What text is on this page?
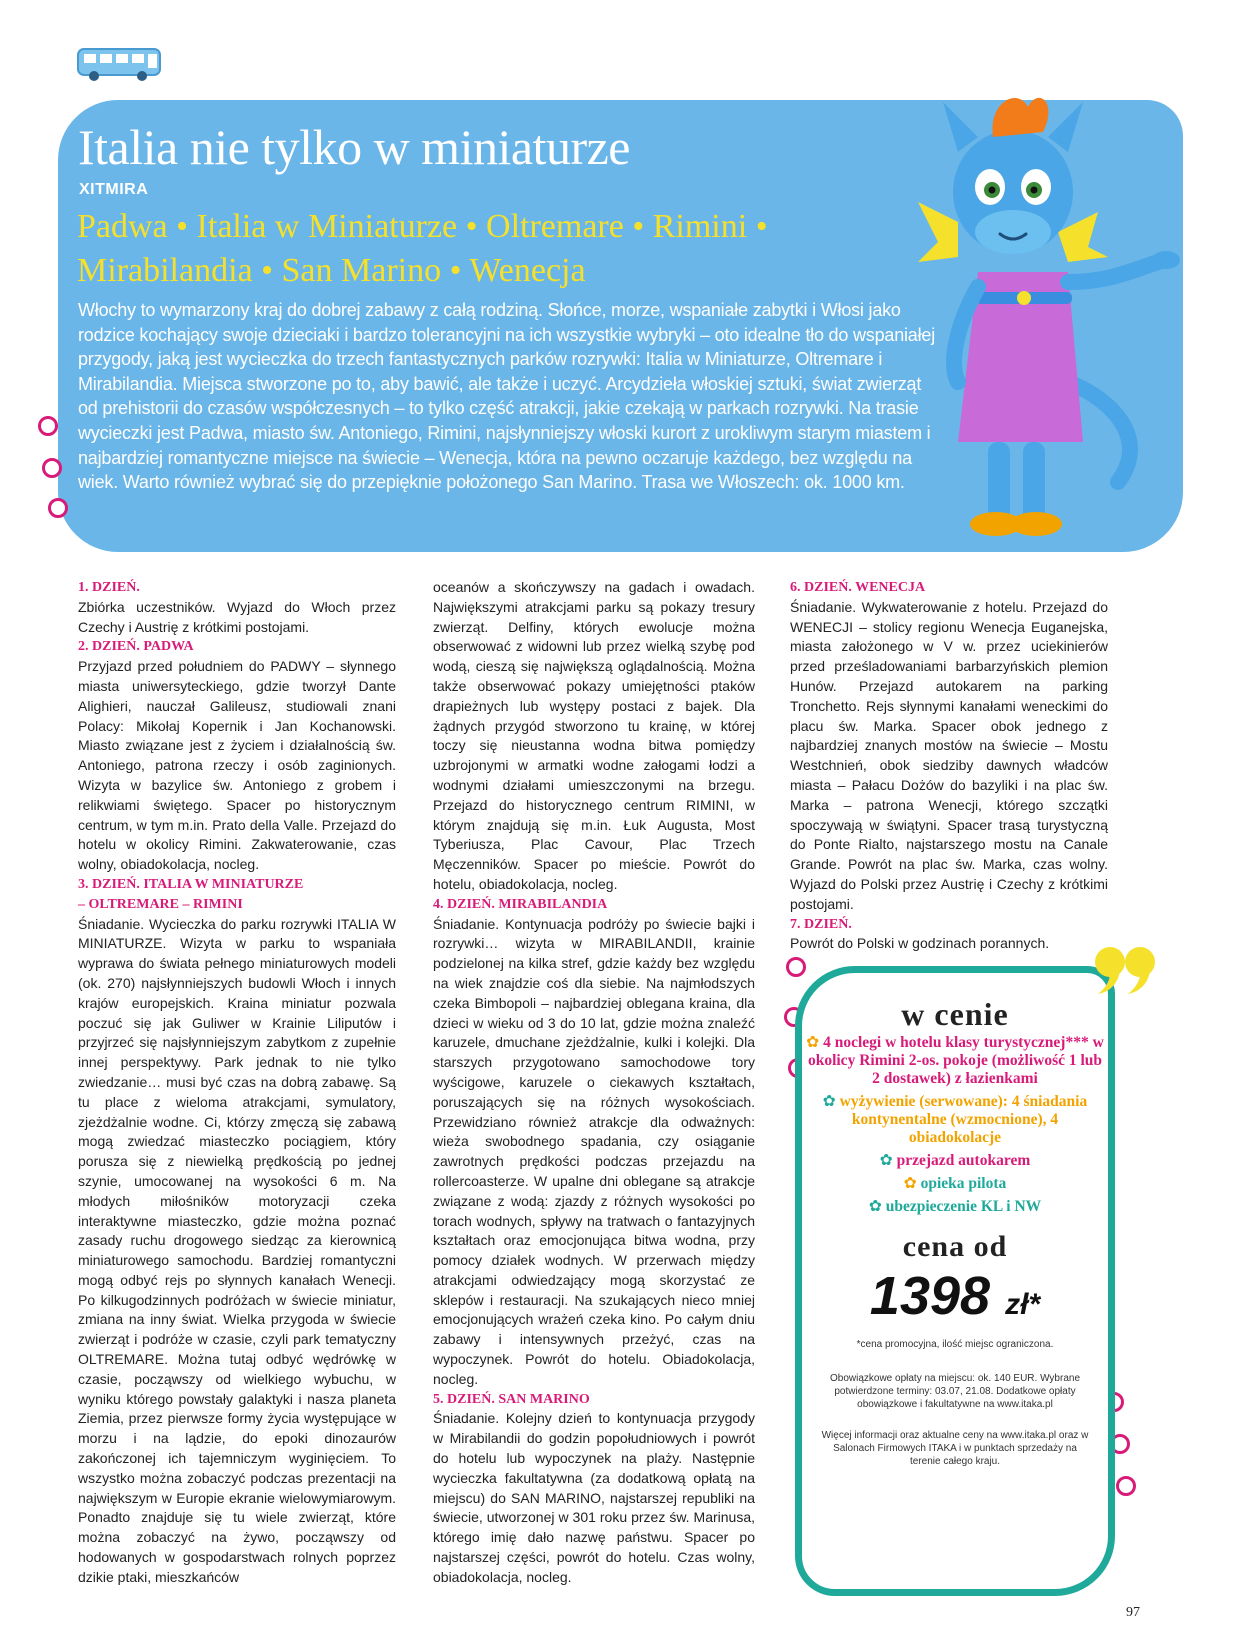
Italia nie tylko w miniaturze
XITMIRA
Padwa • Italia w Miniaturze • Oltremare • Rimini • Mirabilandia • San Marino • Wenecja
Włochy to wymarzony kraj do dobrej zabawy z całą rodziną. Słońce, morze, wspaniałe zabytki i Włosi jako rodzice kochający swoje dzieciaki i bardzo tolerancyjni na ich wszystkie wybryki – oto idealne tło do wspaniałej przygody, jaką jest wycieczka do trzech fantastycznych parków rozrywki: Italia w Miniaturze, Oltremare i Mirabilandia. Miejsca stworzone po to, aby bawić, ale także i uczyć. Arcydzieła włoskiej sztuki, świat zwierząt od prehistorii do czasów współczesnych – to tylko część atrakcji, jakie czekają w parkach rozrywki. Na trasie wycieczki jest Padwa, miasto św. Antoniego, Rimini, najsłynniejszy włoski kurort z urokliwym starym miastem i najbardziej romantyczne miejsce na świecie – Wenecja, która na pewno oczaruje każdego, bez względu na wiek. Warto również wybrać się do przepięknie położonego San Marino. Trasa we Włoszech: ok. 1000 km.
1. DZIEŃ.

Zbiórka uczestników. Wyjazd do Włoch przez Czechy i Austrię z krótkimi postojami.

2. DZIEŃ. PADWA

Przyjazd przed południem do PADWY – słynnego miasta uniwersyteckiego, gdzie tworzył Dante Alighieri, nauczał Galileusz, studiowali znani Polacy: Mikołaj Kopernik i Jan Kochanowski. Miasto związane jest z życiem i działalnością św. Antoniego, patrona rzeczy i osób zaginionych. Wizyta w bazylice św. Antoniego z grobem i relikwiami świętego. Spacer po historycznym centrum, w tym m.in. Prato della Valle. Przejazd do hotelu w okolicy Rimini. Zakwaterowanie, czas wolny, obiadokolacja, nocleg.

3. DZIEŃ. ITALIA W MINIATURZE
– OLTREMARE – RIMINI

Śniadanie. Wycieczka do parku rozrywki ITALIA W MINIATURZE. Wizyta w parku to wspaniała wyprawa do świata pełnego miniaturowych modeli (ok. 270) najsłynniejszych budowli Włoch i innych krajów europejskich. Kraina miniatur pozwala poczuć się jak Guliwer w Krainie Liliputów i przyjrzeć się najsłynniejszym zabytkom z zupełnie innej perspektywy. Park jednak to nie tylko zwiedzanie… musi być czas na dobrą zabawę. Są tu place z wieloma atrakcjami, symulatory, zjeżdżalnie wodne. Ci, którzy zmęczą się zabawą mogą zwiedzać miasteczko pociągiem, który porusza się z niewielką prędkością po jednej szynie, umocowanej na wysokości 6 m. Na młodych miłośników motoryzacji czeka interaktywne miasteczko, gdzie można poznać zasady ruchu drogowego siedząc za kierownicą miniaturowego samochodu. Bardziej romantyczni mogą odbyć rejs po słynnych kanałach Wenecji. Po kilkugodzinnych podróżach w świecie miniatur, zmiana na inny świat. Wielka przygoda w świecie zwierząt i podróże w czasie, czyli park tematyczny OLTREMARE. Można tutaj odbyć wędrówkę w czasie, począwszy od wielkiego wybuchu, w wyniku którego powstały galaktyki i nasza planeta Ziemia, przez pierwsze formy życia występujące w morzu i na lądzie, do epoki dinozaurów zakończonej ich tajemniczym wyginięciem. To wszystko można zobaczyć podczas prezentacji na największym w Europie ekranie wielowymiarowym. Ponadto znajduje się tu wiele zwierząt, które można zobaczyć na żywo, począwszy od hodowanych w gospodarstwach rolnych poprzez dzikie ptaki, mieszkańców

oceanów a skończywszy na gadach i owadach. Największymi atrakcjami parku są pokazy tresury zwierząt. Delfiny, których ewolucje można obserwować z widowni lub przez wielką szybę pod wodą, cieszą się największą oglądalnością. Można także obserwować pokazy umiejętności ptaków drapieżnych lub występy postaci z bajek. Dla żądnych przygód stworzono tu krainę, w której toczy się nieustanna wodna bitwa pomiędzy uzbrojonymi w armatki wodne załogami łodzi a wodnymi działami umieszczonymi na brzegu. Przejazd do historycznego centrum RIMINI, w którym znajdują się m.in. Łuk Augusta, Most Tyberiusza, Plac Cavour, Plac Trzech Męczenników. Spacer po mieście. Powrót do hotelu, obiadokolacja, nocleg.

4. DZIEŃ. MIRABILANDIA

Śniadanie. Kontynuacja podróży po świecie bajki i rozrywki… wizyta w MIRABILANDII, krainie podzielonej na kilka stref, gdzie każdy bez względu na wiek znajdzie coś dla siebie. Na najmłodszych czeka Bimbopoli – najbardziej oblegana kraina, dla dzieci w wieku od 3 do 10 lat, gdzie można znaleźć karuzele, dmuchane zjeżdżalnie, kulki i kolejki. Dla starszych przygotowano samochodowe tory wyścigowe, karuzele o ciekawych kształtach, poruszających się na różnych wysokościach. Przewidziano również atrakcje dla odważnych: wieża swobodnego spadania, czy osiąganie zawrotnych prędkości podczas przejazdu na rollercoasterze. W upalne dni oblegane są atrakcje związane z wodą: zjazdy z różnych wysokości po torach wodnych, spływy na tratwach o fantazyjnych kształtach oraz emocjonująca bitwa wodna, przy pomocy działek wodnych. W przerwach między atrakcjami odwiedzający mogą skorzystać ze sklepów i restauracji. Na szukających nieco mniej emocjonujących wrażeń czeka kino. Po całym dniu zabawy i intensywnych przeżyć, czas na wypoczynek. Powrót do hotelu. Obiadokolacja, nocleg.

5. DZIEŃ. SAN MARINO

Śniadanie. Kolejny dzień to kontynuacja przygody w Mirabilandii do godzin popołudniowych i powrót do hotelu lub wypoczynek na plaży. Następnie wycieczka fakultatywna (za dodatkową opłatą na miejscu) do SAN MARINO, najstarszej republiki na świecie, utworzonej w 301 roku przez św. Marinusa, którego imię dało nazwę państwu. Spacer po najstarszej części, powrót do hotelu. Czas wolny, obiadokolacja, nocleg.

6. DZIEŃ. WENECJA

Śniadanie. Wykwaterowanie z hotelu. Przejazd do WENECJI – stolicy regionu Wenecja Euganejska, miasta założonego w V w. przez uciekinierów przed prześladowaniami barbarzyńskich plemion Hunów. Przejazd autokarem na parking Tronchetto. Rejs słynnymi kanałami weneckimi do placu św. Marka. Spacer obok jednego z najbardziej znanych mostów na świecie – Mostu Westchnień, obok siedziby dawnych władców miasta – Pałacu Dożów do bazyliki i na plac św. Marka – patrona Wenecji, którego szczątki spoczywają w świątyni. Spacer trasą turystyczną do Ponte Rialto, najstarszego mostu na Canale Grande. Powrót na plac św. Marka, czas wolny. Wyjazd do Polski przez Austrię i Czechy z krótkimi postojami.

7. DZIEŃ.

Powrót do Polski w godzinach porannych.

w cenie
✿ 4 noclegi w hotelu klasy turystycznej*** w okolicy Rimini 2-os. pokoje (możliwość 1 lub 2 dostawek) z łazienkami
✿ wyżywienie (serwowane): 4 śniadania kontynentalne (wzmocnione), 4 obiadokolacje
✿ przejazd autokarem
✿ opieka pilota
✿ ubezpieczenie KL i NW
cena od
1398 zł*
*cena promocyjna, ilość miejsc ograniczona.
Obowiązkowe opłaty na miejscu: ok. 140 EUR. Wybrane potwierdzone terminy: 03.07, 21.08. Dodatkowe opłaty obowiązkowe i fakultatywne na www.itaka.pl
Więcej informacji oraz aktualne ceny na www.itaka.pl oraz w Salonach Firmowych ITAKA i w punktach sprzedaży na terenie całego kraju.
97
